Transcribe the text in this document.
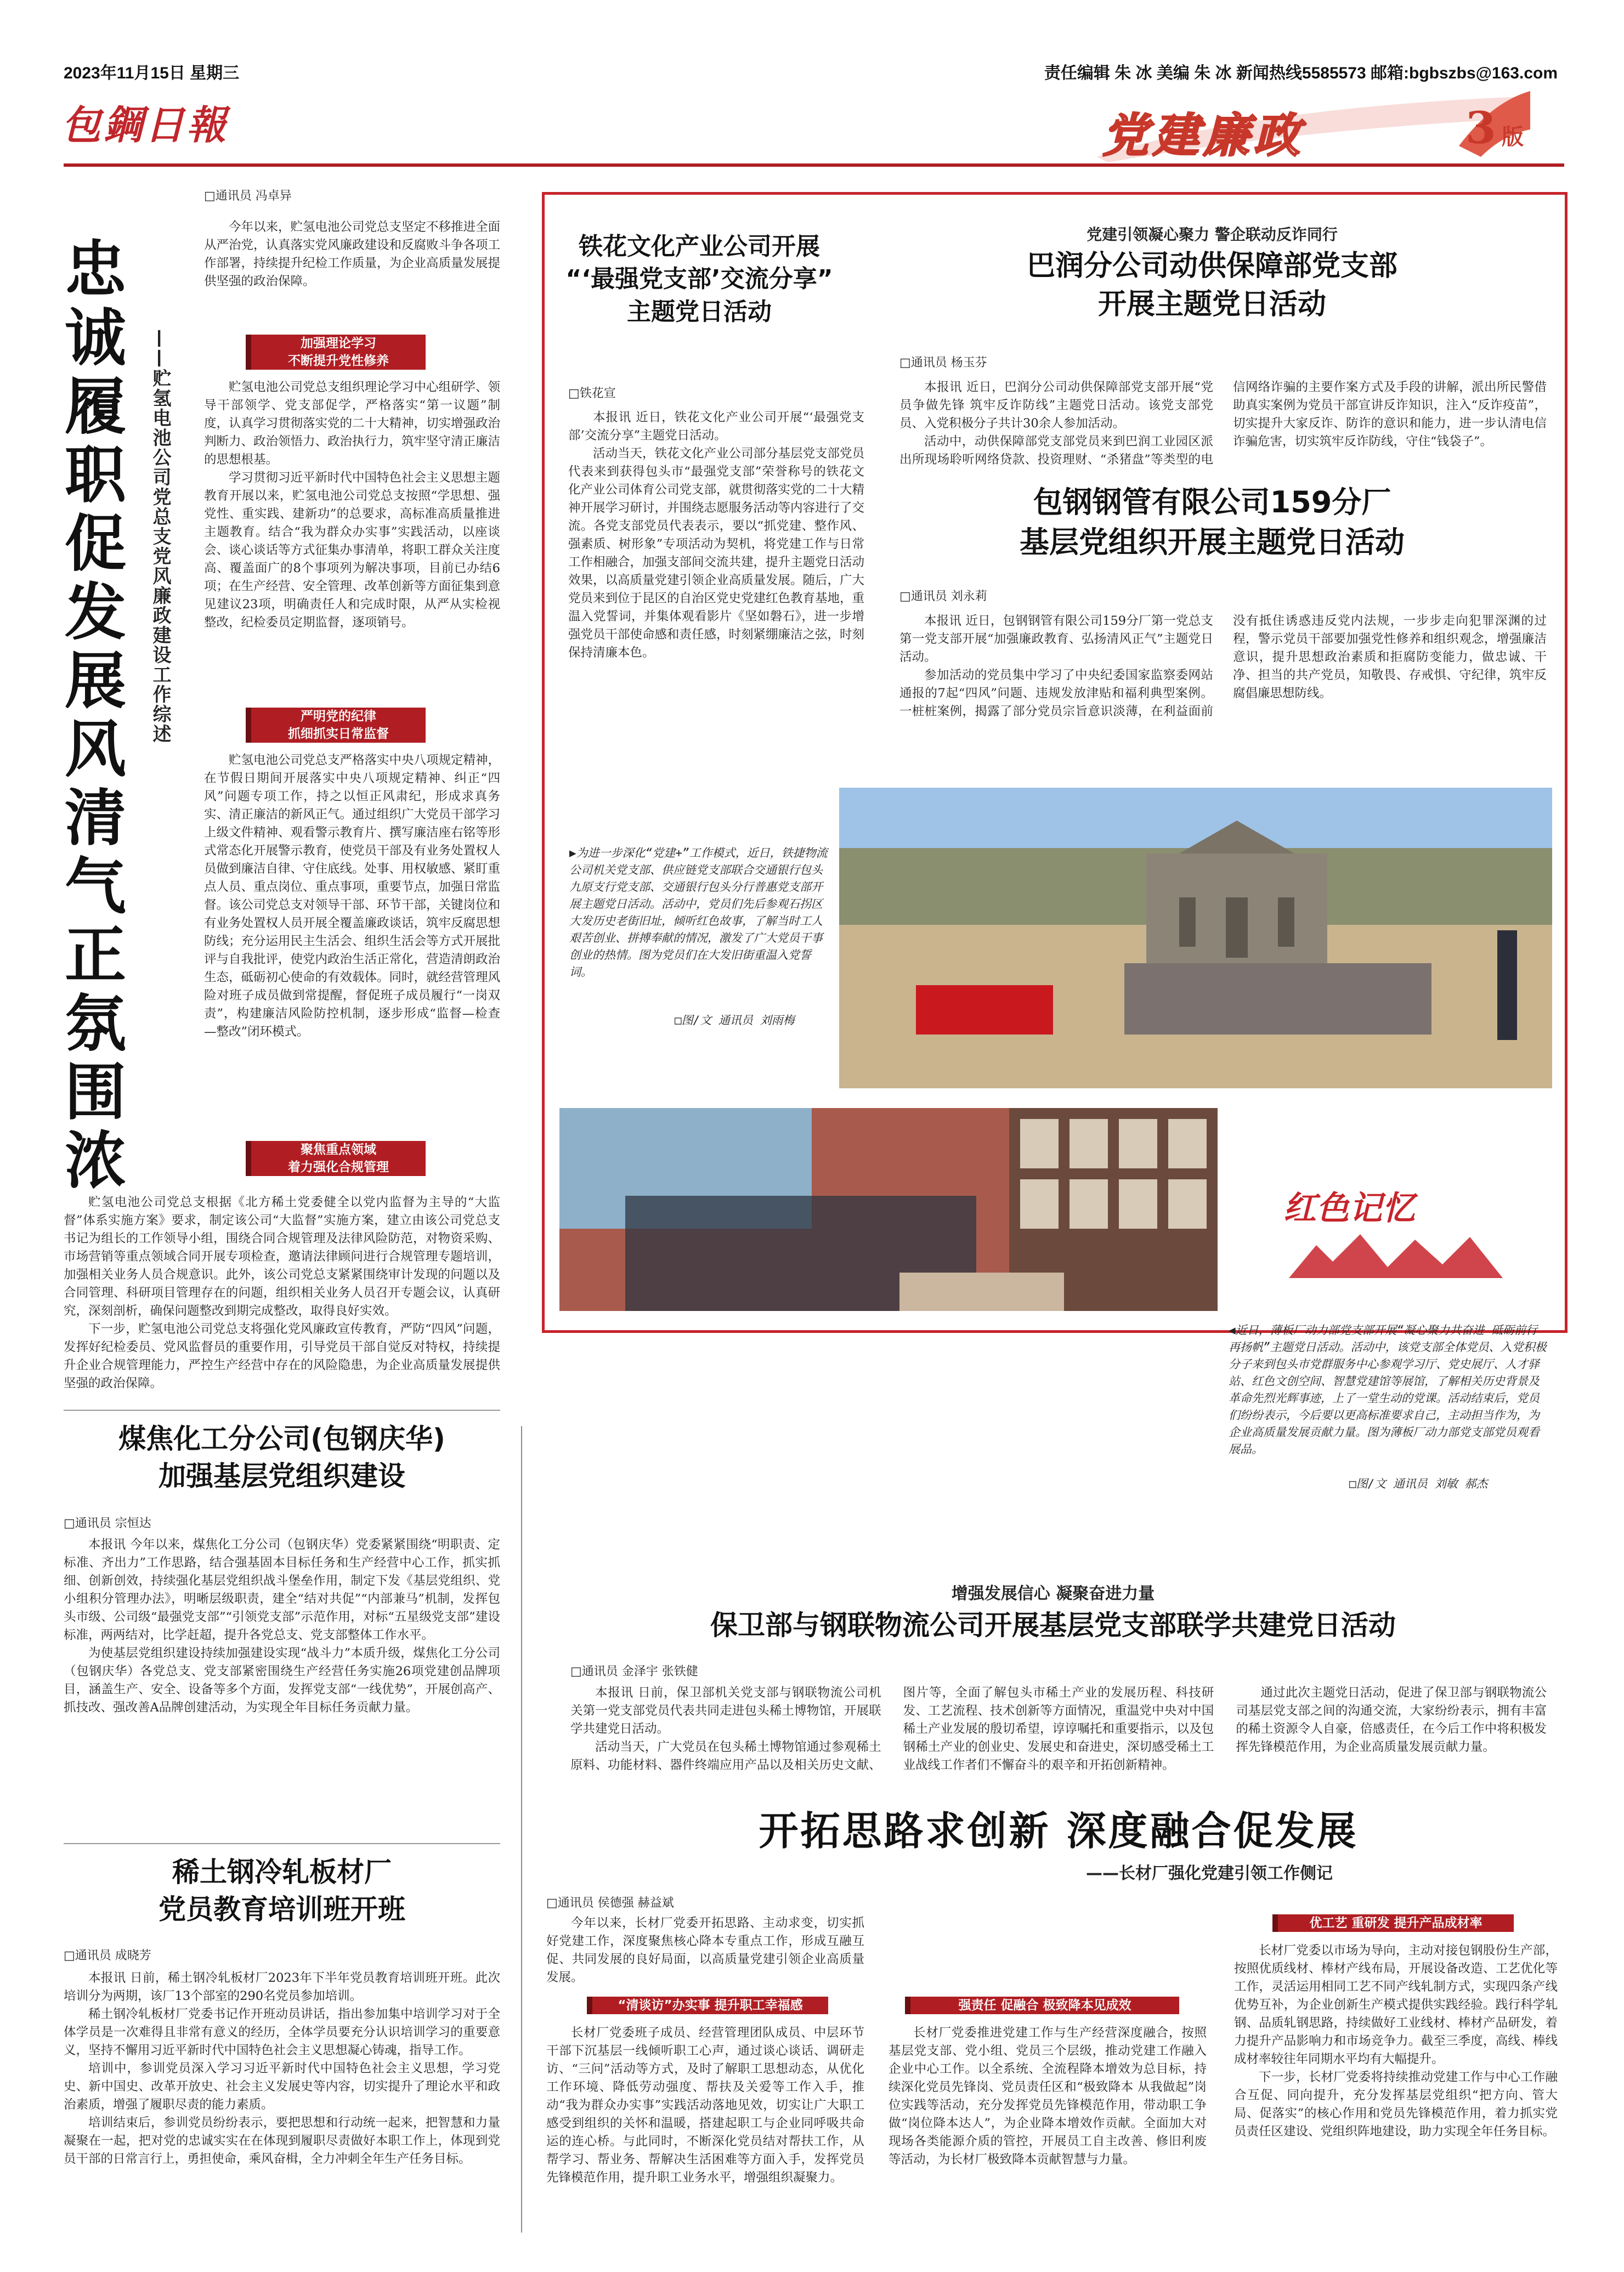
2023年11月15日 星期三	责任编辑 朱 冰 美编 朱 冰 新闻热线5585573 邮箱:bgbszbs@163.com
包鋼日報	党建廉政	3 版
忠诚履职促发展 风清气正氛围浓
——贮氢电池公司党总支党风廉政建设工作综述
□通讯员 冯卓异

今年以来，贮氢电池公司党总支坚定不移推进全面从严治党，认真落实党风廉政建设和反腐败斗争各项工作部署，持续提升纪检工作质量，为企业高质量发展提供坚强的政治保障。

加强理论学习
不断提升党性修养

贮氢电池公司党总支组织理论学习中心组研学、领导干部领学、党支部促学，严格落实“第一议题”制度，认真学习贯彻落实党的二十大精神，切实增强政治判断力、政治领悟力、政治执行力，筑牢坚守清正廉洁的思想根基。

学习贯彻习近平新时代中国特色社会主义思想主题教育开展以来，贮氢电池公司党总支按照“学思想、强党性、重实践、建新功”的总要求，高标准高质量推进主题教育。结合“我为群众办实事”实践活动，以座谈会、谈心谈话等方式征集办事清单，将职工群众关注度高、覆盖面广的8个事项列为解决事项，目前已办结6项；在生产经营、安全管理、改革创新等方面征集到意见建议23项，明确责任人和完成时限，从严从实检视整改，纪检委员定期监督，逐项销号。

严明党的纪律
抓细抓实日常监督

贮氢电池公司党总支严格落实中央八项规定精神，在节假日期间开展落实中央八项规定精神、纠正“四风”问题专项工作，持之以恒正风肃纪，形成求真务实、清正廉洁的新风正气。通过组织广大党员干部学习上级文件精神、观看警示教育片、撰写廉洁座右铭等形式常态化开展警示教育，使党员干部及有业务处置权人员做到廉洁自律、守住底线。处事、用权敏感、紧盯重点人员、重点岗位、重点事项，重要节点，加强日常监督。该公司党总支对领导干部、环节干部，关键岗位和有业务处置权人员开展全覆盖廉政谈话，筑牢反腐思想防线；充分运用民主生活会、组织生活会等方式开展批评与自我批评，使党内政治生活正常化，营造清朗政治生态，砥砺初心使命的有效载体。同时，就经营管理风险对班子成员做到常提醒，督促班子成员履行“一岗双责”，构建廉洁风险防控机制，逐步形成“监督—检查—整改”闭环模式。

聚焦重点领域
着力强化合规管理

贮氢电池公司党总支根据《北方稀土党委健全以党内监督为主导的“大监督”体系实施方案》要求，制定该公司“大监督”实施方案，建立由该公司党总支书记为组长的工作领导小组，围绕合同合规管理及法律风险防范，对物资采购、市场营销等重点领域合同开展专项检查，邀请法律顾问进行合规管理专题培训，加强相关业务人员合规意识。此外，该公司党总支紧紧围绕审计发现的问题以及合同管理、科研项目管理存在的问题，组织相关业务人员召开专题会议，认真研究，深刻剖析，确保问题整改到期完成整改，取得良好实效。

下一步，贮氢电池公司党总支将强化党风廉政宣传教育，严防“四风”问题，发挥好纪检委员、党风监督员的重要作用，引导党员干部自觉反对特权，持续提升企业合规管理能力，严控生产经营中存在的风险隐患，为企业高质量发展提供坚强的政治保障。

煤焦化工分公司(包钢庆华)
加强基层党组织建设
□通讯员 宗恒达

本报讯 今年以来，煤焦化工分公司（包钢庆华）党委紧紧围绕“明职责、定标准、齐出力”工作思路，结合强基固本目标任务和生产经营中心工作，抓实抓细、创新创效，持续强化基层党组织战斗堡垒作用，制定下发《基层党组织、党小组积分管理办法》，明晰层级职责，建全“结对共促”“内部兼马”机制，发挥包头市级、公司级“最强党支部”“引领党支部”示范作用，对标“五星级党支部”建设标准，两两结对，比学赶超，提升各党总支、党支部整体工作水平。

为使基层党组织建设持续加强建设实现“战斗力”本质升级，煤焦化工分公司（包钢庆华）各党总支、党支部紧密围绕生产经营任务实施26项党建创品牌项目，涵盖生产、安全、设备等多个方面，发挥党支部“一线优势”，开展创高产、抓技改、强改善A品牌创建活动，为实现全年目标任务贡献力量。

稀土钢冷轧板材厂
党员教育培训班开班
□通讯员 成晓芳

本报讯 日前，稀土钢冷轧板材厂2023年下半年党员教育培训班开班。此次培训分为两期，该厂13个部室的290名党员参加培训。

稀土钢冷轧板材厂党委书记作开班动员讲话，指出参加集中培训学习对于全体学员是一次难得且非常有意义的经历，全体学员要充分认识培训学习的重要意义，坚持不懈用习近平新时代中国特色社会主义思想凝心铸魂，指导工作。

培训中，参训党员深入学习习近平新时代中国特色社会主义思想，学习党史、新中国史、改革开放史、社会主义发展史等内容，切实提升了理论水平和政治素质，增强了履职尽责的能力素质。

培训结束后，参训党员纷纷表示，要把思想和行动统一起来，把智慧和力量凝聚在一起，把对党的忠诚实实在在体现到履职尽责做好本职工作上，体现到党员干部的日常言行上，勇担使命，乘风奋楫，全力冲刺全年生产任务目标。

铁花文化产业公司开展
“‘最强党支部’交流分享”
主题党日活动
□铁花宣

本报讯 近日，铁花文化产业公司开展“‘最强党支部’交流分享”主题党日活动。

活动当天，铁花文化产业公司部分基层党支部党员代表来到获得包头市“最强党支部”荣誉称号的铁花文化产业公司体育公司党支部，就贯彻落实党的二十大精神开展学习研讨，并围绕志愿服务活动等内容进行了交流。各党支部党员代表表示，要以“抓党建、整作风、强素质、树形象”专项活动为契机，将党建工作与日常工作相融合，加强支部间交流共建，提升主题党日活动效果，以高质量党建引领企业高质量发展。随后，广大党员来到位于昆区的自治区党史党建红色教育基地，重温入党誓词，并集体观看影片《坚如磐石》，进一步增强党员干部使命感和责任感，时刻紧绷廉洁之弦，时刻保持清廉本色。

党建引领凝心聚力 警企联动反诈同行
巴润分公司动供保障部党支部
开展主题党日活动
□通讯员 杨玉芬

本报讯 近日，巴润分公司动供保障部党支部开展“党员争做先锋 筑牢反诈防线”主题党日活动。该党支部党员、入党积极分子共计30余人参加活动。

活动中，动供保障部党支部党员来到巴润工业园区派出所现场聆听网络贷款、投资理财、“杀猪盘”等类型的电信网络诈骗的主要作案方式及手段的讲解，派出所民警借助真实案例为党员干部宣讲反诈知识，注入“反诈疫苗”，切实提升大家反诈、防诈的意识和能力，进一步认清电信诈骗危害，切实筑牢反诈防线，守住“钱袋子”。

包钢钢管有限公司159分厂
基层党组织开展主题党日活动
□通讯员 刘永莉

本报讯 近日，包钢钢管有限公司159分厂第一党总支第一党支部开展“加强廉政教育、弘扬清风正气”主题党日活动。

参加活动的党员集中学习了中央纪委国家监察委网站通报的7起“四风”问题、违规发放津贴和福利典型案例。一桩桩案例，揭露了部分党员宗旨意识淡薄，在利益面前没有抵住诱惑违反党内法规，一步步走向犯罪深渊的过程，警示党员干部要加强党性修养和组织观念，增强廉洁意识，提升思想政治素质和拒腐防变能力，做忠诚、干净、担当的共产党员，知敬畏、存戒惧、守纪律，筑牢反腐倡廉思想防线。

▶为进一步深化“党建+”工作模式，近日，铁捷物流公司机关党支部、供应链党支部联合交通银行包头九原支行党支部、交通银行包头分行普惠党支部开展主题党日活动。活动中，党员们先后参观石拐区大发历史老街旧址，倾听红色故事，了解当时工人艰苦创业、拼搏奉献的情况，激发了广大党员干事创业的热情。图为党员们在大发旧街重温入党誓词。
□图/文 通讯员 刘雨梅
红色记忆
◀近日，薄板厂动力部党支部开展“凝心聚力共奋进 砥砺前行再扬帆”主题党日活动。活动中，该党支部全体党员、入党积极分子来到包头市党群服务中心参观学习厅、党史展厅、人才驿站、红色文创空间、智慧党建馆等展馆，了解相关历史背景及革命先烈光辉事迹，上了一堂生动的党课。活动结束后，党员们纷纷表示，今后要以更高标准要求自己，主动担当作为，为企业高质量发展贡献力量。图为薄板厂动力部党支部党员观看展品。
□图/文 通讯员 刘敏 郝杰
增强发展信心 凝聚奋进力量
保卫部与钢联物流公司开展基层党支部联学共建党日活动
□通讯员 金泽宇 张铁健

本报讯 日前，保卫部机关党支部与钢联物流公司机关第一党支部党员代表共同走进包头稀土博物馆，开展联学共建党日活动。

活动当天，广大党员在包头稀土博物馆通过参观稀土原料、功能材料、器件终端应用产品以及相关历史文献、图片等，全面了解包头市稀土产业的发展历程、科技研发、工艺流程、技术创新等方面情况，重温党中央对中国稀土产业发展的殷切希望，谆谆嘱托和重要指示，以及包钢稀土产业的创业史、发展史和奋进史，深切感受稀土工业战线工作者们不懈奋斗的艰辛和开拓创新精神。

通过此次主题党日活动，促进了保卫部与钢联物流公司基层党支部之间的沟通交流，大家纷纷表示，拥有丰富的稀土资源令人自豪，倍感责任，在今后工作中将积极发挥先锋模范作用，为企业高质量发展贡献力量。

开拓思路求创新 深度融合促发展
——长材厂强化党建引领工作侧记
□通讯员 侯德强 赫益斌

今年以来，长材厂党委开拓思路、主动求变，切实抓好党建工作，深度聚焦核心降本专重点工作，形成互融互促、共同发展的良好局面，以高质量党建引领企业高质量发展。

“清谈访”办实事 提升职工幸福感

长材厂党委班子成员、经营管理团队成员、中层环节干部下沉基层一线倾听职工心声，通过谈心谈话、调研走访、“三问”活动等方式，及时了解职工思想动态，从优化工作环境、降低劳动强度、帮扶及关爱等工作入手，推动“我为群众办实事”实践活动落地见效，切实让广大职工感受到组织的关怀和温暖，搭建起职工与企业同呼吸共命运的连心桥。与此同时，不断深化党员结对帮扶工作，从帮学习、帮业务、帮解决生活困难等方面入手，发挥党员先锋模范作用，提升职工业务水平，增强组织凝聚力。

强责任 促融合 极致降本见成效

长材厂党委推进党建工作与生产经营深度融合，按照基层党支部、党小组、党员三个层级，推动党建工作融入企业中心工作。以全系统、全流程降本增效为总目标，持续深化党员先锋岗、党员责任区和“极致降本 从我做起”岗位实践等活动，充分发挥党员先锋模范作用，带动职工争做“岗位降本达人”，为企业降本增效作贡献。全面加大对现场各类能源介质的管控，开展员工自主改善、修旧利废等活动，为长材厂极致降本贡献智慧与力量。

优工艺 重研发 提升产品成材率

长材厂党委以市场为导向，主动对接包钢股份生产部，按照优质线材、棒材产线布局，开展设备改造、工艺优化等工作，灵活运用相同工艺不同产线轧制方式，实现四条产线优势互补，为企业创新生产模式提供实践经验。践行科学轧钢、品质轧钢思路，持续做好工业线材、棒材产品研发，着力提升产品影响力和市场竞争力。截至三季度，高线、棒线成材率较往年同期水平均有大幅提升。

下一步，长材厂党委将持续推动党建工作与中心工作融合互促、同向提升，充分发挥基层党组织“把方向、管大局、促落实”的核心作用和党员先锋模范作用，着力抓实党员责任区建设、党组织阵地建设，助力实现全年任务目标。
